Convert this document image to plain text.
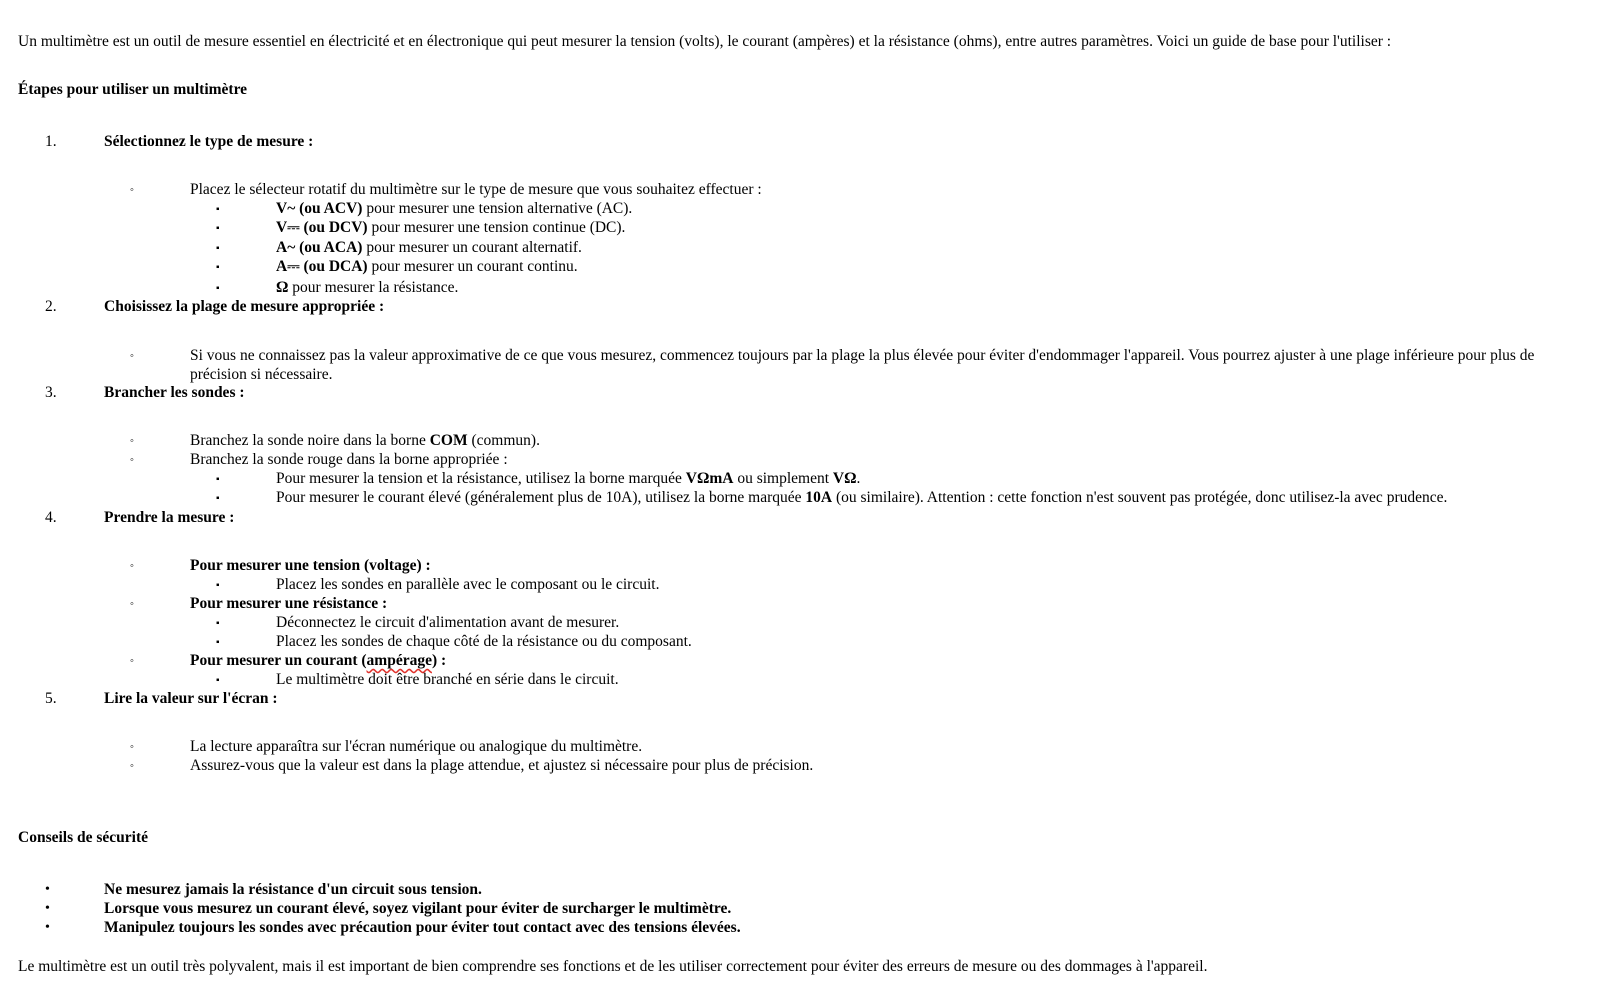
Un multimètre est un outil de mesure essentiel en électricité et en électronique qui peut mesurer la tension (volts), le courant (ampères) et la résistance (ohms), entre autres paramètres. Voici un guide de base pour l'utiliser :
Étapes pour utiliser un multimètre
1.	Sélectionnez le type de mesure :
◦	Placez le sélecteur rotatif du multimètre sur le type de mesure que vous souhaitez effectuer :
▪	V~ (ou ACV) pour mesurer une tension alternative (AC).
▪	V⎓ (ou DCV) pour mesurer une tension continue (DC).
▪	A~ (ou ACA) pour mesurer un courant alternatif.
▪	A⎓ (ou DCA) pour mesurer un courant continu.
▪	Ω pour mesurer la résistance.
2.	Choisissez la plage de mesure appropriée :
◦	Si vous ne connaissez pas la valeur approximative de ce que vous mesurez, commencez toujours par la plage la plus élevée pour éviter d'endommager l'appareil. Vous pourrez ajuster à une plage inférieure pour plus de précision si nécessaire.
3.	Brancher les sondes :
◦	Branchez la sonde noire dans la borne COM (commun).
◦	Branchez la sonde rouge dans la borne appropriée :
▪	Pour mesurer la tension et la résistance, utilisez la borne marquée VΩmA ou simplement VΩ.
▪	Pour mesurer le courant élevé (généralement plus de 10A), utilisez la borne marquée 10A (ou similaire). Attention : cette fonction n'est souvent pas protégée, donc utilisez-la avec prudence.
4.	Prendre la mesure :
◦	Pour mesurer une tension (voltage) :
▪	Placez les sondes en parallèle avec le composant ou le circuit.
◦	Pour mesurer une résistance :
▪	Déconnectez le circuit d'alimentation avant de mesurer.
▪	Placez les sondes de chaque côté de la résistance ou du composant.
◦	Pour mesurer un courant (ampérage) :
▪	Le multimètre doit être branché en série dans le circuit.
5.	Lire la valeur sur l'écran :
◦	La lecture apparaîtra sur l'écran numérique ou analogique du multimètre.
◦	Assurez-vous que la valeur est dans la plage attendue, et ajustez si nécessaire pour plus de précision.
Conseils de sécurité
•	Ne mesurez jamais la résistance d'un circuit sous tension.
•	Lorsque vous mesurez un courant élevé, soyez vigilant pour éviter de surcharger le multimètre.
•	Manipulez toujours les sondes avec précaution pour éviter tout contact avec des tensions élevées.
Le multimètre est un outil très polyvalent, mais il est important de bien comprendre ses fonctions et de les utiliser correctement pour éviter des erreurs de mesure ou des dommages à l'appareil.
